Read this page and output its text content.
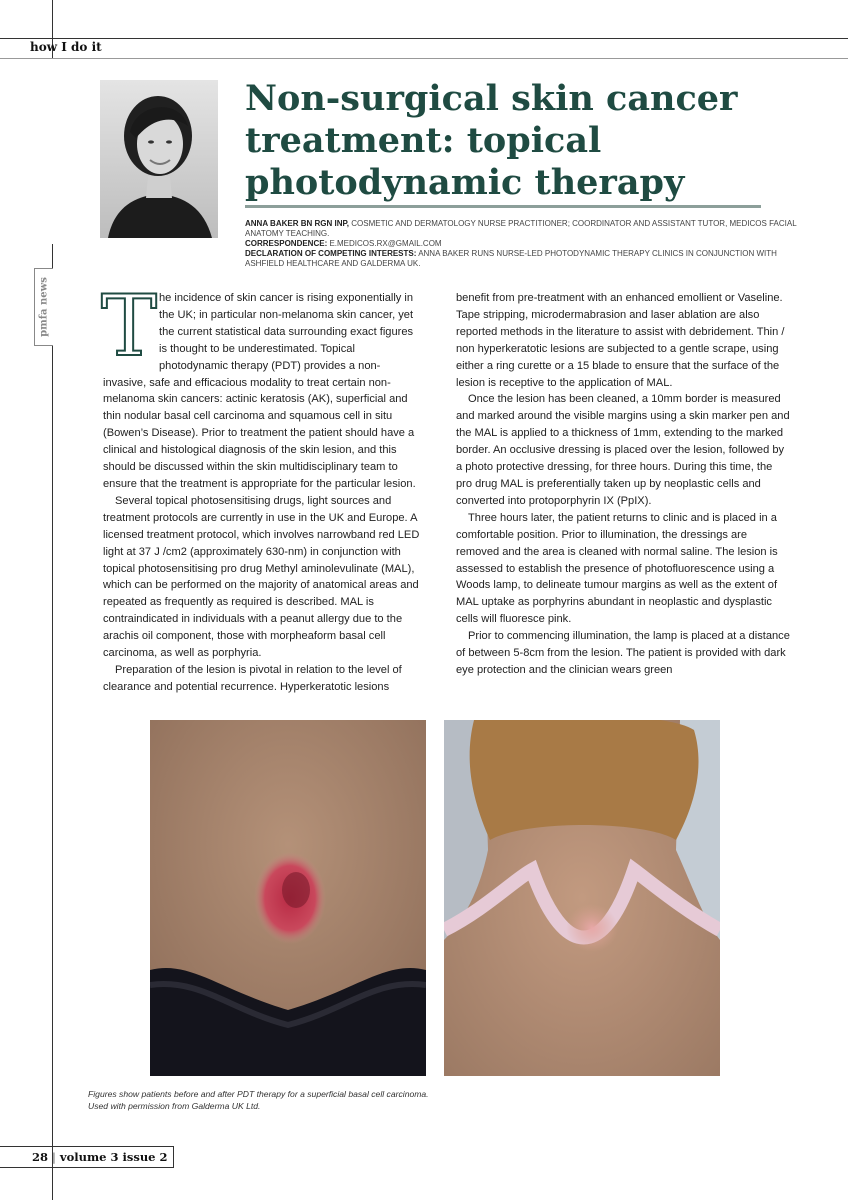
how I do it
pmfa news
Non-surgical skin cancer treatment: topical photodynamic therapy

ANNA BAKER BN RGN INP, COSMETIC AND DERMATOLOGY NURSE PRACTITIONER; COORDINATOR AND ASSISTANT TUTOR, MEDICOS FACIAL ANATOMY TEACHING.

CORRESPONDENCE: E.MEDICOS.RX@GMAIL.COM

DECLARATION OF COMPETING INTERESTS: ANNA BAKER RUNS NURSE-LED PHOTODYNAMIC THERAPY CLINICS IN CONJUNCTION WITH ASHFIELD HEALTHCARE AND GALDERMA UK.

T he incidence of skin cancer is rising exponentially in the UK; in particular non-melanoma skin cancer, yet the current statistical data surrounding exact figures is thought to be underestimated. Topical photodynamic therapy (PDT) provides a non-invasive, safe and efficacious modality to treat certain non-melanoma skin cancers: actinic keratosis (AK), superficial and thin nodular basal cell carcinoma and squamous cell in situ (Bowen’s Disease). Prior to treatment the patient should have a clinical and histological diagnosis of the skin lesion, and this should be discussed within the skin multidisciplinary team to ensure that the treatment is appropriate for the particular lesion.

Several topical photosensitising drugs, light sources and treatment protocols are currently in use in the UK and Europe. A licensed treatment protocol, which involves narrowband red LED light at 37 J /cm2 (approximately 630-nm) in conjunction with topical photosensitising pro drug Methyl aminolevulinate (MAL), which can be performed on the majority of anatomical areas and repeated as frequently as required is described. MAL is contraindicated in individuals with a peanut allergy due to the arachis oil component, those with morpheaform basal cell carcinoma, as well as porphyria.

Preparation of the lesion is pivotal in relation to the level of clearance and potential recurrence. Hyperkeratotic lesions

benefit from pre-treatment with an enhanced emollient or Vaseline. Tape stripping, microdermabrasion and laser ablation are also reported methods in the literature to assist with debridement. Thin / non hyperkeratotic lesions are subjected to a gentle scrape, using either a ring curette or a 15 blade to ensure that the surface of the lesion is receptive to the application of MAL.

Once the lesion has been cleaned, a 10mm border is measured and marked around the visible margins using a skin marker pen and the MAL is applied to a thickness of 1mm, extending to the marked border. An occlusive dressing is placed over the lesion, followed by a photo protective dressing, for three hours. During this time, the pro drug MAL is preferentially taken up by neoplastic cells and converted into protoporphyrin IX (PpIX).

Three hours later, the patient returns to clinic and is placed in a comfortable position. Prior to illumination, the dressings are removed and the area is cleaned with normal saline. The lesion is assessed to establish the presence of photofluorescence using a Woods lamp, to delineate tumour margins as well as the extent of MAL uptake as porphyrins abundant in neoplastic and dysplastic cells will fluoresce pink.

Prior to commencing illumination, the lamp is placed at a distance of between 5-8cm from the lesion. The patient is provided with dark eye protection and the clinician wears green

Figures show patients before and after PDT therapy for a superficial basal cell carcinoma.

Used with permission from Galderma UK Ltd.

28 | volume 3 issue 2
